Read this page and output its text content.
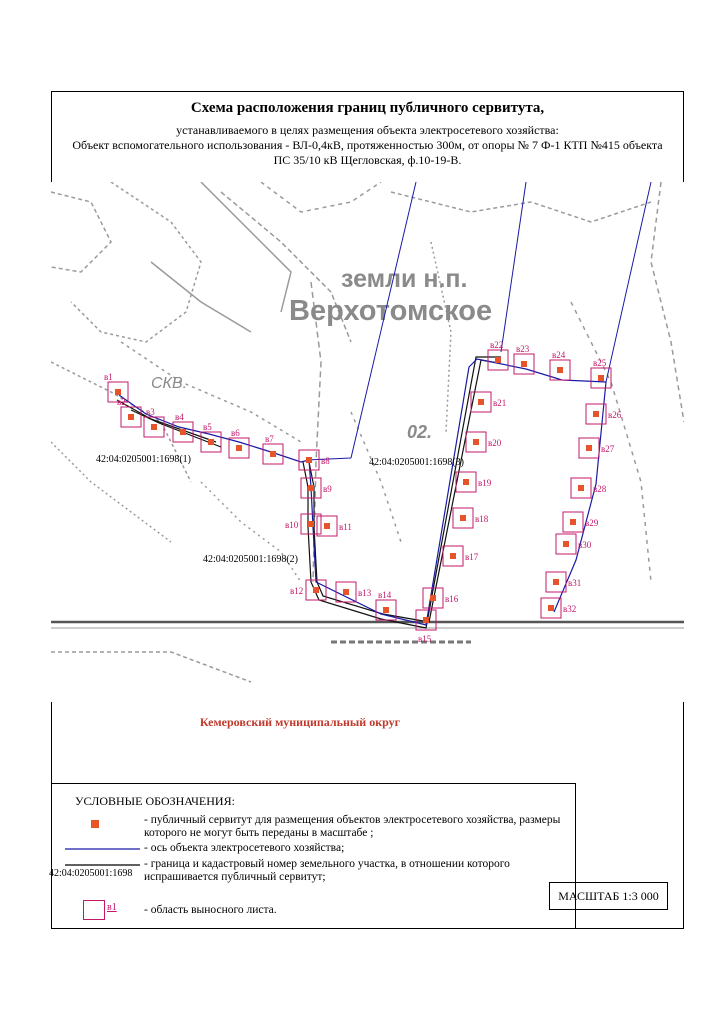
Схема расположения границ публичного сервитута,
устанавливаемого в целях размещения объекта электросетевого хозяйства:
Объект вспомогательного использования - ВЛ-0,4кВ, протяженностью 300м, от опоры № 7 Ф-1 КТП №415 объекта
ПС 35/10 кВ Щегловская, ф.10-19-В.
земли н.п.
Верхотомское
СКВ.
02.
в1
в2
в3 в4
в5
в6
в7
в8
в9
в10	в11
в12	в13 в14
в15
в16
в17
в18
в19
в20
в21
в22 в23
в24
в25
в26
в27
в28
в29
в30
в31
в32
42:04:0205001:1698(1)
42:04:0205001:1698(2)
42:04:0205001:1698(3)
Кемеровский муниципальный округ
УСЛОВНЫЕ ОБОЗНАЧЕНИЯ:
- публичный сервитут для размещения объектов электросетевого хозяйства, размеры которого не могут быть переданы в масштабе ;
- ось объекта электросетевого хозяйства;
42:04:0205001:1698
- граница и кадастровый номер земельного участка, в отношении которого испрашивается публичный сервитут;
в1 - область выносного листа.
МАСШТАБ 1:3 000
